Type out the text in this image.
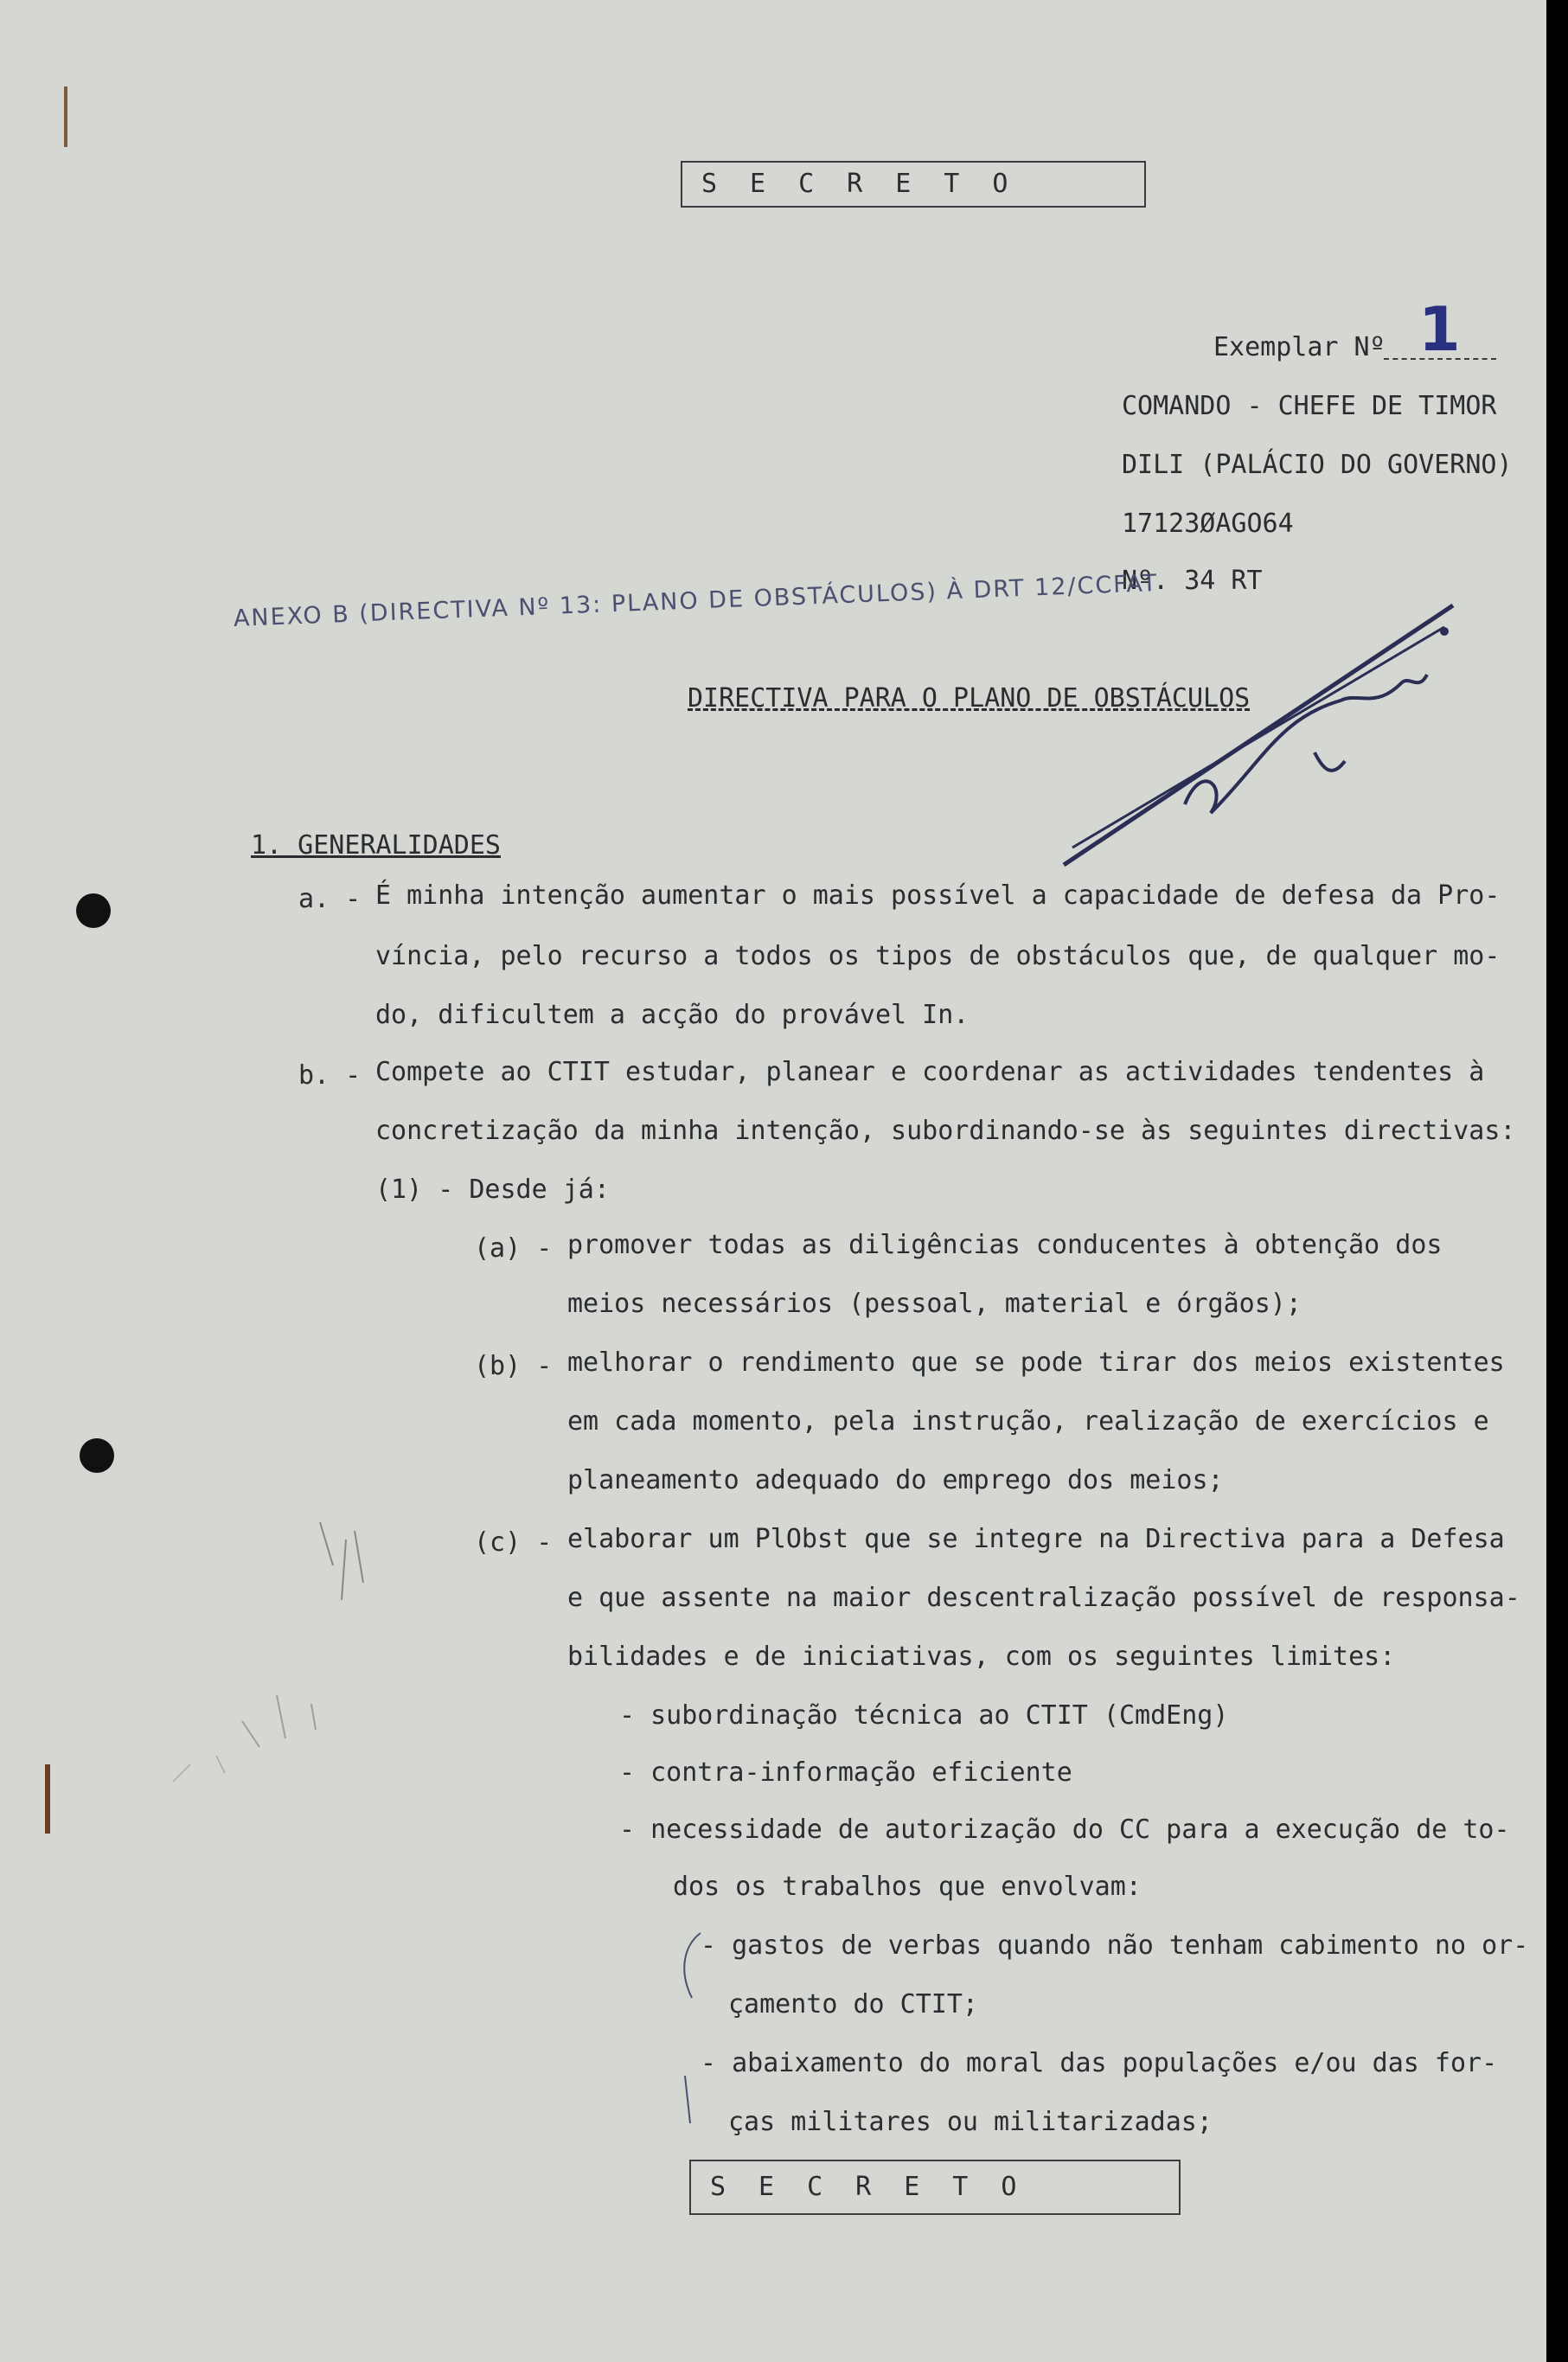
SECRETO
Exemplar Nº 1
COMANDO - CHEFE DE TIMOR
DILI (PALÁCIO DO GOVERNO)
17123ØAGO64
Nº. 34 RT
ANEXO B (DIRECTIVA Nº 13: PLANO DE OBSTÁCULOS) À DRT 12/CCFAT
DIRECTIVA PARA O PLANO DE OBSTÁCULOS
1. GENERALIDADES
a. - É minha intenção aumentar o mais possível a capacidade de defesa da Pro-
víncia, pelo recurso a todos os tipos de obstáculos que, de qualquer mo-
do, dificultem a acção do provável In.
b. - Compete ao CTIT estudar, planear e coordenar as actividades tendentes à
concretização da minha intenção, subordinando-se às seguintes directivas:
(1) - Desde já:
(a) - promover todas as diligências conducentes à obtenção dos
meios necessários (pessoal, material e órgãos);
(b) - melhorar o rendimento que se pode tirar dos meios existentes
em cada momento, pela instrução, realização de exercícios e
planeamento adequado do emprego dos meios;
(c) - elaborar um PlObst que se integre na Directiva para a Defesa
e que assente na maior descentralização possível de responsa-
bilidades e de iniciativas, com os seguintes limites:
- subordinação técnica ao CTIT (CmdEng)
- contra-informação eficiente
- necessidade de autorização do CC para a execução de to-
dos os trabalhos que envolvam:
- gastos de verbas quando não tenham cabimento no or-
çamento do CTIT;
- abaixamento do moral das populações e/ou das for-
ças militares ou militarizadas;
SECRETO
